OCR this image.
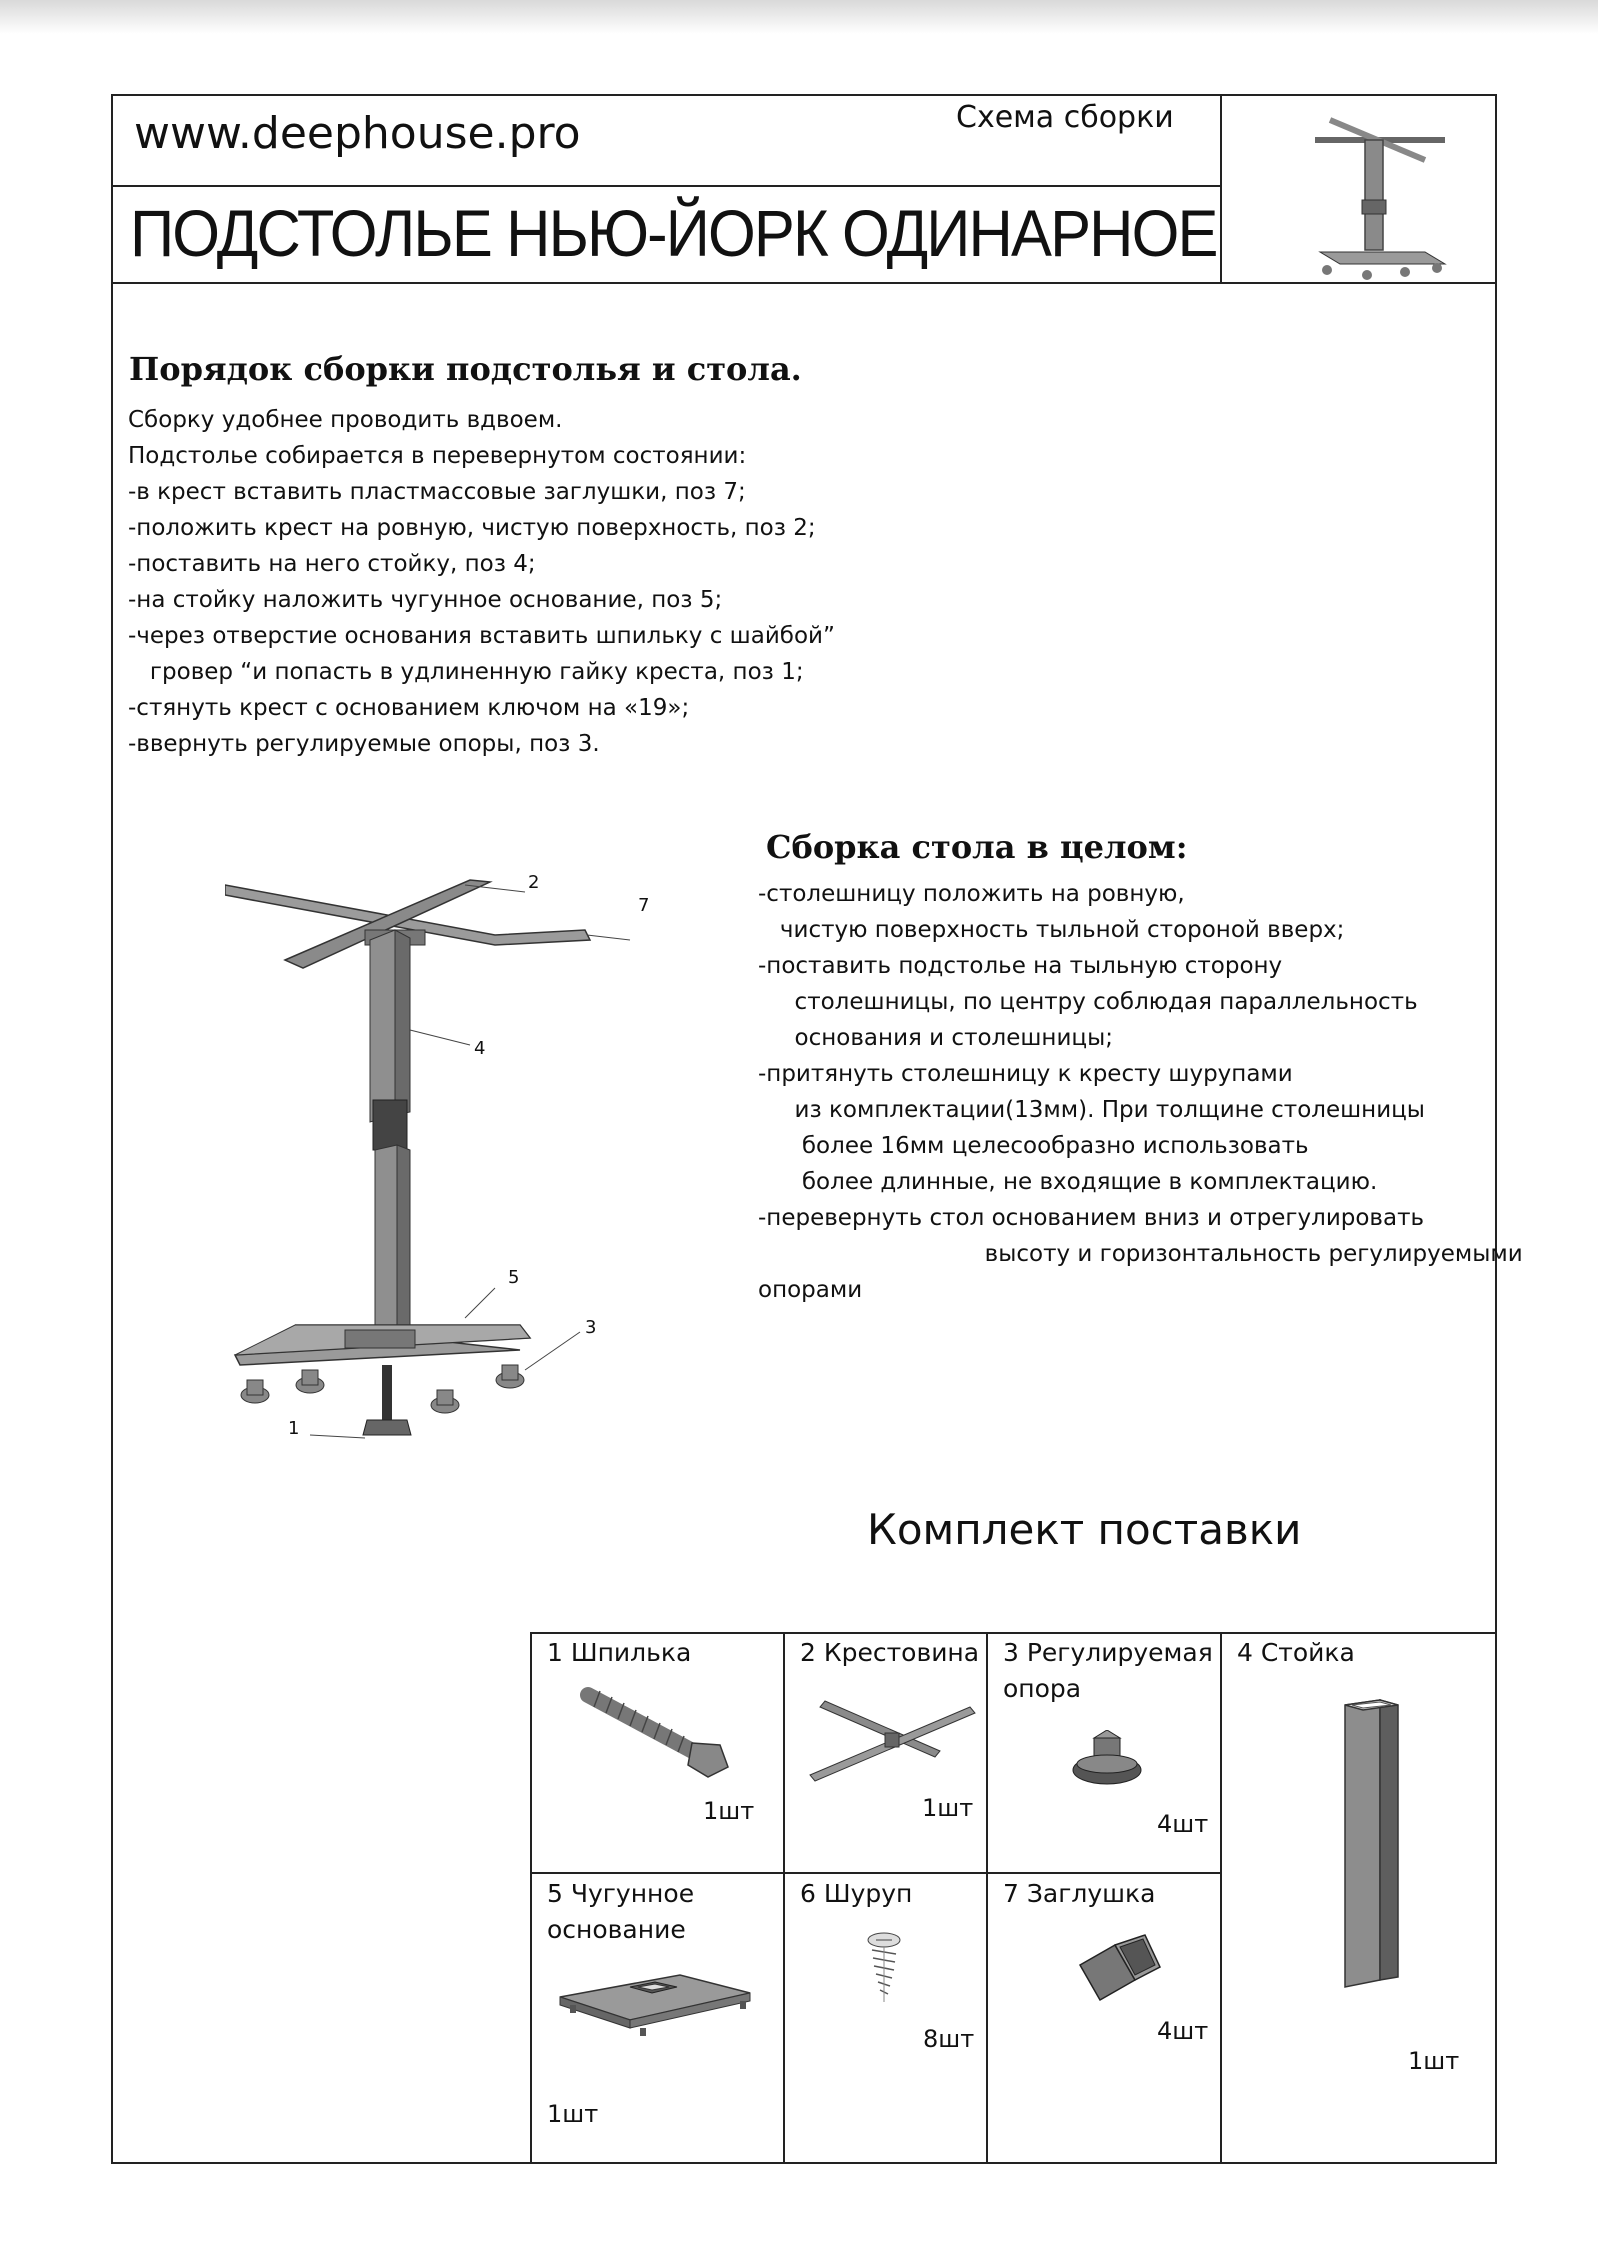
www.deephouse.pro	Схема сборки
ПОДСТОЛЬЕ НЬЮ-ЙОРК ОДИНАРНОЕ
Порядок сборки подстолья и стола.
Сборку удобнее проводить вдвоем.
Подстолье собирается в перевернутом состоянии:
-в крест вставить пластмассовые заглушки, поз 7;
-положить крест на ровную, чистую поверхность, поз 2;
-поставить на него стойку, поз 4;
-на стойку наложить чугунное основание, поз 5;
-через отверстие основания вставить шпильку с шайбой”
гровер “и попасть в удлиненную гайку креста, поз 1;
-стянуть крест с основанием ключом на «19»;
-ввернуть регулируемые опоры, поз 3.
2
7
4
5
3
1
Сборка стола в целом:
-столешницу положить на ровную,
чистую поверхность тыльной стороной вверх;
-поставить подстолье на тыльную сторону
столешницы, по центру соблюдая параллельность
основания и столешницы;
-притянуть столешницу к кресту шурупами
из комплектации(13мм). При толщине столешницы
более 16мм целесообразно использовать
более длинные, не входящие в комплектацию.
-перевернуть стол основанием вниз и отрегулировать
высоту и горизонтальность регулируемыми
опорами
Комплект поставки
1 Шпилька
1шт
2 Крестовина
1шт
3 Регулируемая
опора
4шт
4 Стойка
1шт
5 Чугунное
основание
1шт
6 Шуруп
8шт
7 Заглушка
4шт
